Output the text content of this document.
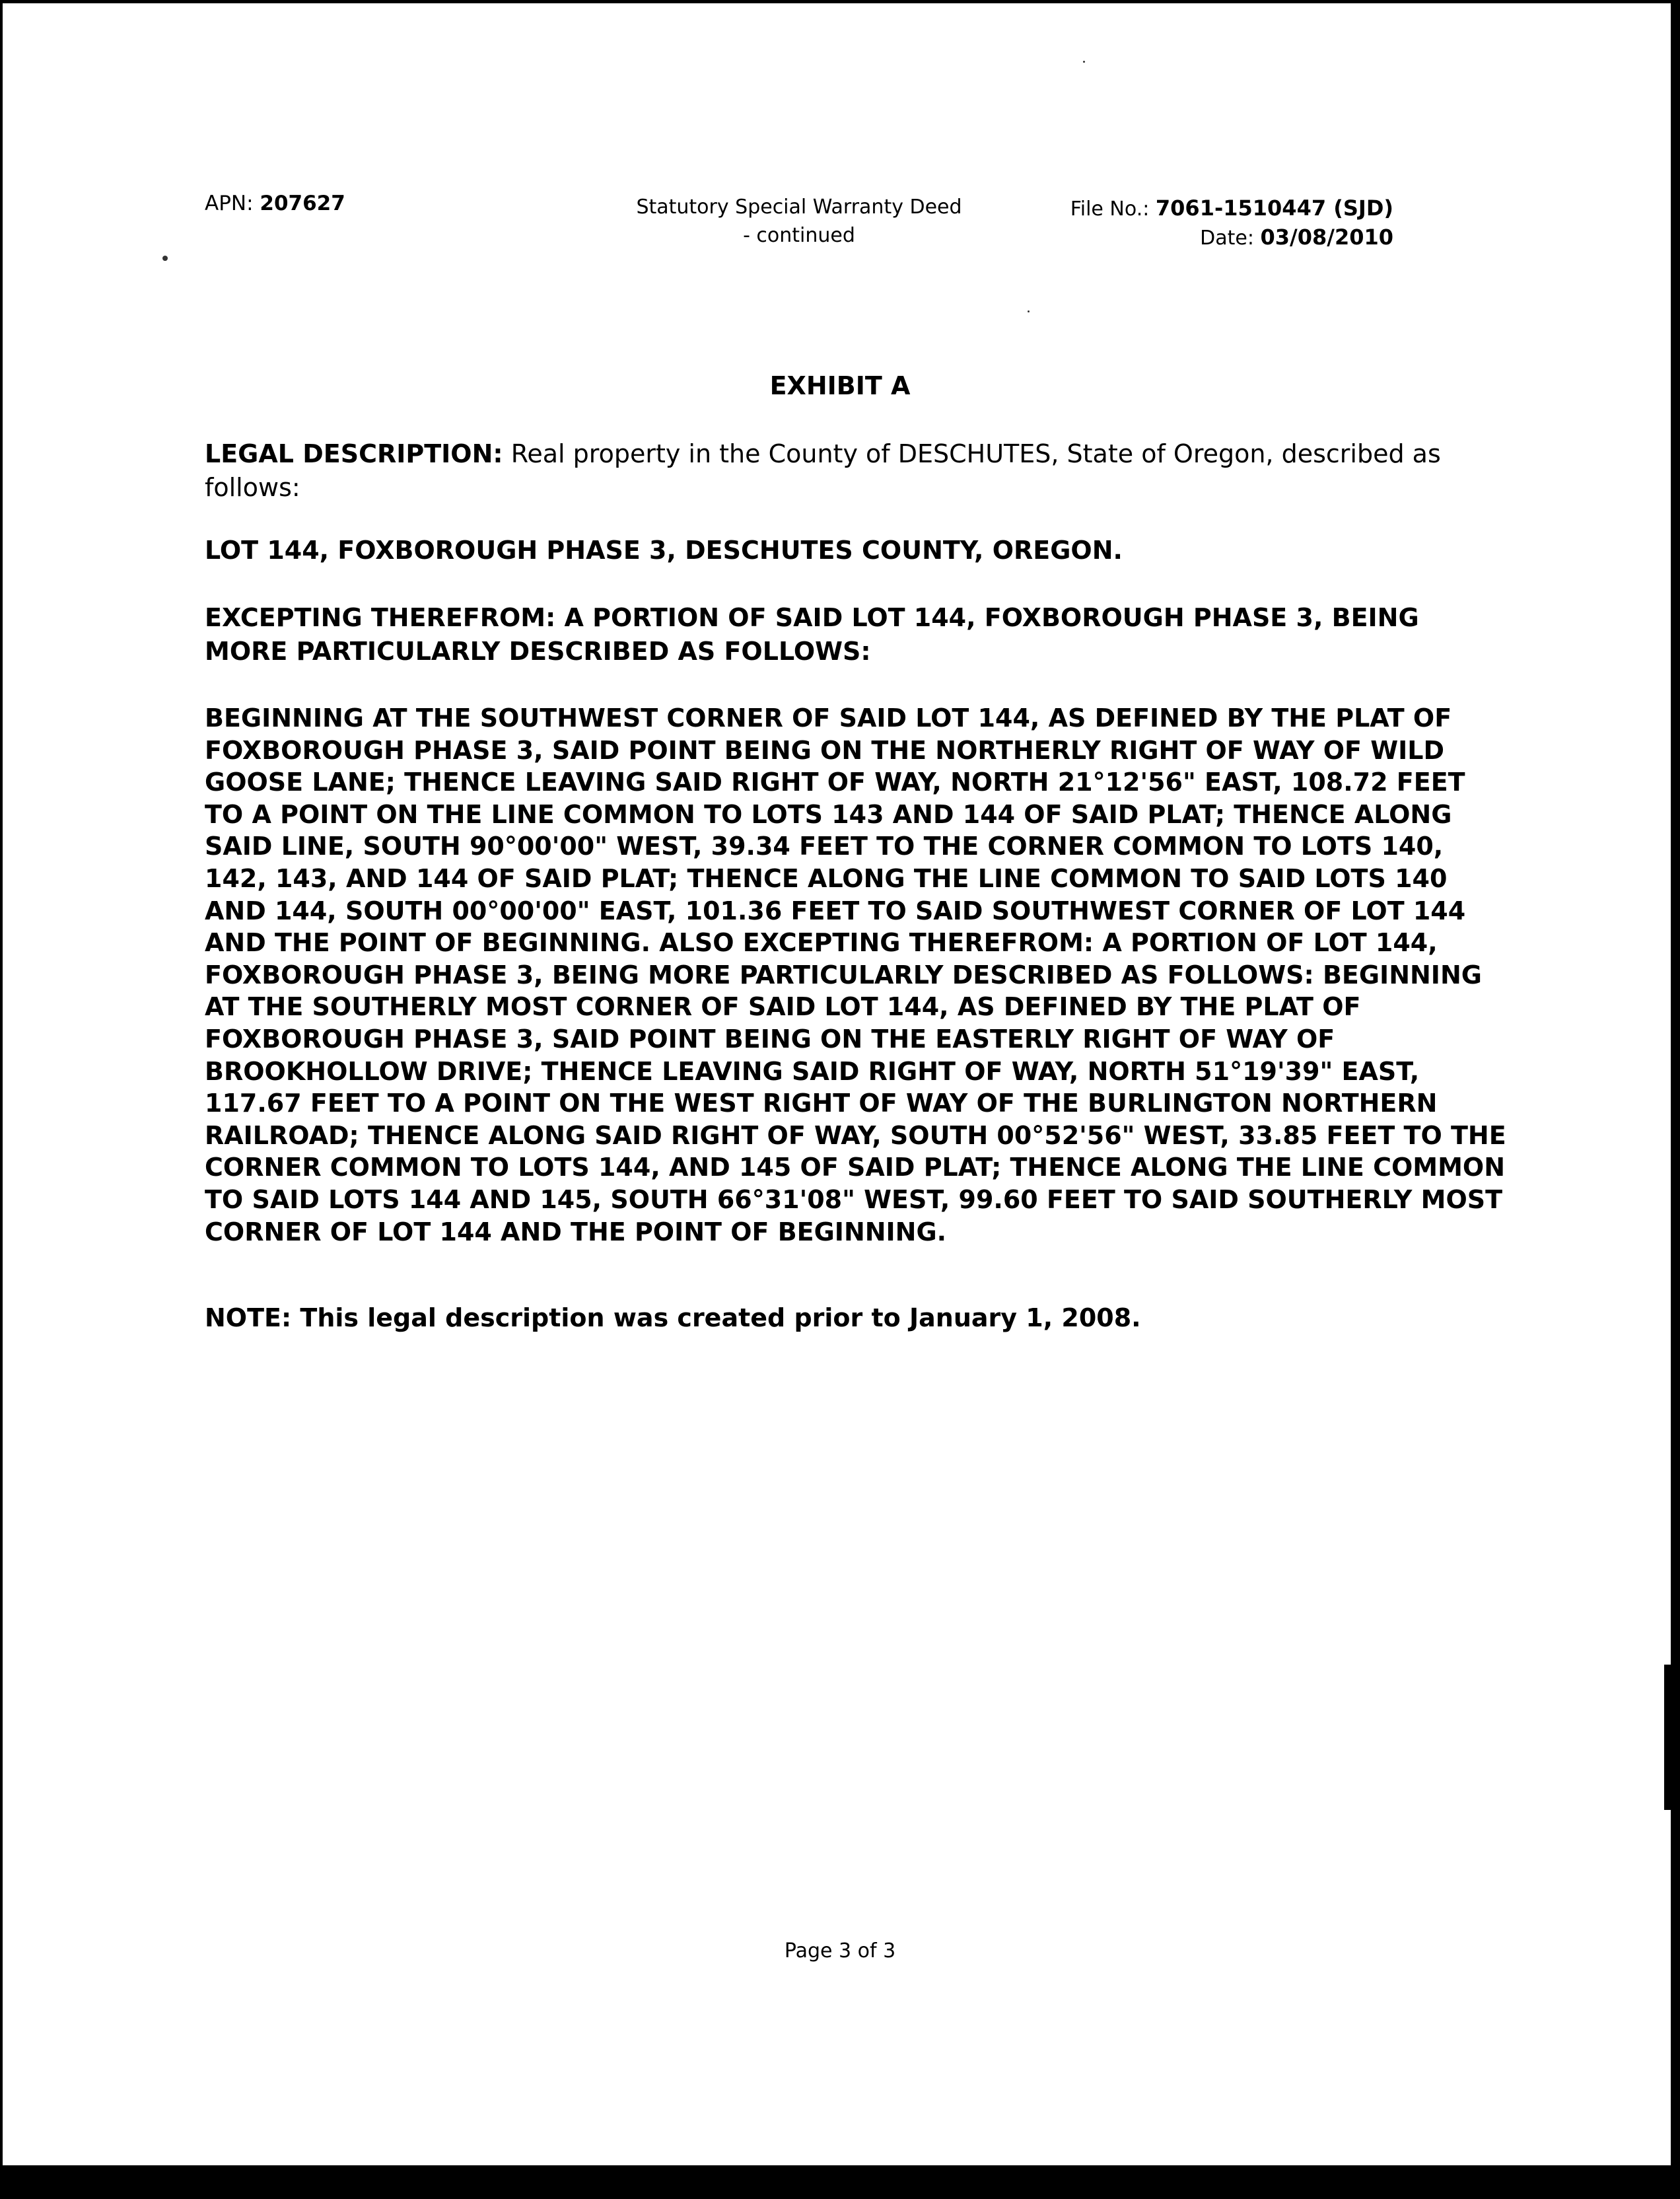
APN: 207627	Statutory Special Warranty Deed
- continued
File No.: 7061-1510447 (SJD)
Date: 03/08/2010
EXHIBIT A
LEGAL DESCRIPTION: Real property in the County of DESCHUTES, State of Oregon, described as follows:
LOT 144, FOXBOROUGH PHASE 3, DESCHUTES COUNTY, OREGON.
EXCEPTING THEREFROM: A PORTION OF SAID LOT 144, FOXBOROUGH PHASE 3, BEING MORE PARTICULARLY DESCRIBED AS FOLLOWS:
BEGINNING AT THE SOUTHWEST CORNER OF SAID LOT 144, AS DEFINED BY THE PLAT OF FOXBOROUGH PHASE 3, SAID POINT BEING ON THE NORTHERLY RIGHT OF WAY OF WILD GOOSE LANE; THENCE LEAVING SAID RIGHT OF WAY, NORTH 21°12'56" EAST, 108.72 FEET TO A POINT ON THE LINE COMMON TO LOTS 143 AND 144 OF SAID PLAT; THENCE ALONG SAID LINE, SOUTH 90°00'00" WEST, 39.34 FEET TO THE CORNER COMMON TO LOTS 140, 142, 143, AND 144 OF SAID PLAT; THENCE ALONG THE LINE COMMON TO SAID LOTS 140 AND 144, SOUTH 00°00'00" EAST, 101.36 FEET TO SAID SOUTHWEST CORNER OF LOT 144 AND THE POINT OF BEGINNING. ALSO EXCEPTING THEREFROM: A PORTION OF LOT 144, FOXBOROUGH PHASE 3, BEING MORE PARTICULARLY DESCRIBED AS FOLLOWS: BEGINNING AT THE SOUTHERLY MOST CORNER OF SAID LOT 144, AS DEFINED BY THE PLAT OF FOXBOROUGH PHASE 3, SAID POINT BEING ON THE EASTERLY RIGHT OF WAY OF BROOKHOLLOW DRIVE; THENCE LEAVING SAID RIGHT OF WAY, NORTH 51°19'39" EAST, 117.67 FEET TO A POINT ON THE WEST RIGHT OF WAY OF THE BURLINGTON NORTHERN RAILROAD; THENCE ALONG SAID RIGHT OF WAY, SOUTH 00°52'56" WEST, 33.85 FEET TO THE CORNER COMMON TO LOTS 144, AND 145 OF SAID PLAT; THENCE ALONG THE LINE COMMON TO SAID LOTS 144 AND 145, SOUTH 66°31'08" WEST, 99.60 FEET TO SAID SOUTHERLY MOST CORNER OF LOT 144 AND THE POINT OF BEGINNING.
NOTE: This legal description was created prior to January 1, 2008.
Page 3 of 3
